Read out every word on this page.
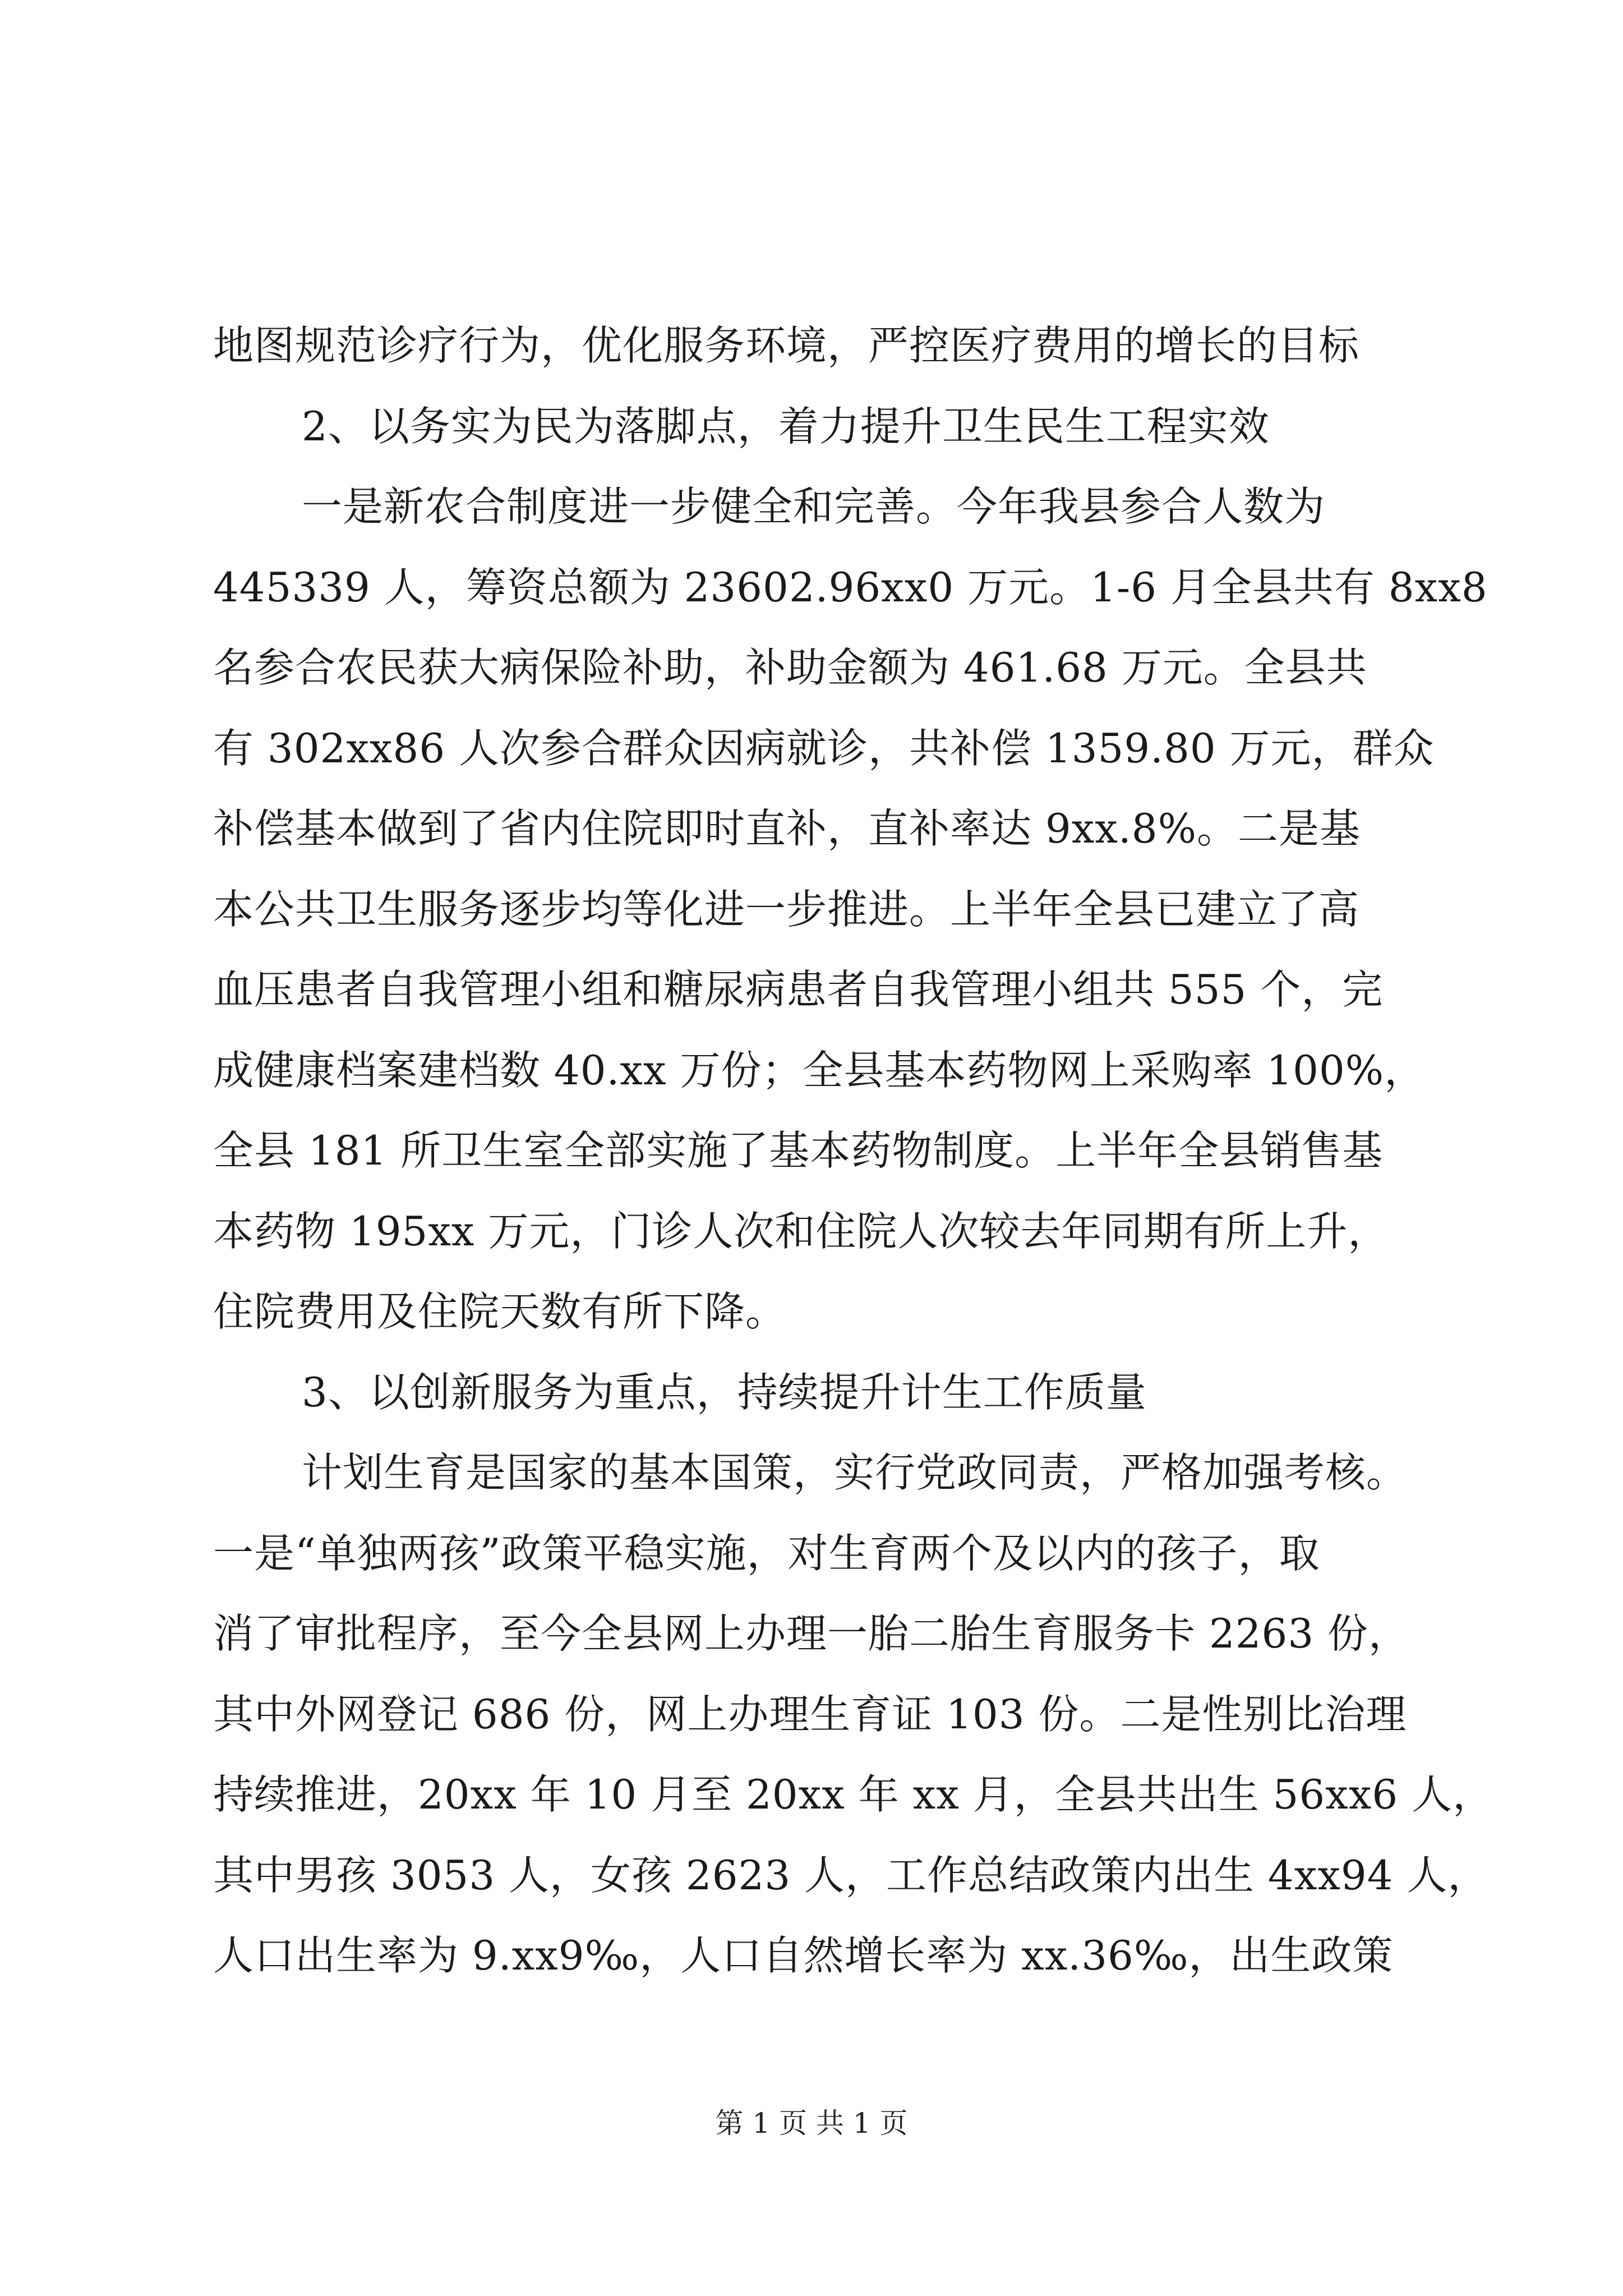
地图规范诊疗行为，优化服务环境，严控医疗费用的增长的目标
2、以务实为民为落脚点，着力提升卫生民生工程实效
一是新农合制度进一步健全和完善。今年我县参合人数为
445339 人，筹资总额为 23602.96xx0 万元。1-6 月全县共有 8xx8
名参合农民获大病保险补助，补助金额为 461.68 万元。全县共
有 302xx86 人次参合群众因病就诊，共补偿 1359.80 万元，群众
补偿基本做到了省内住院即时直补，直补率达 9xx.8%。二是基
本公共卫生服务逐步均等化进一步推进。上半年全县已建立了高
血压患者自我管理小组和糖尿病患者自我管理小组共 555 个，完
成健康档案建档数 40.xx 万份；全县基本药物网上采购率 100%，
全县 181 所卫生室全部实施了基本药物制度。上半年全县销售基
本药物 195xx 万元，门诊人次和住院人次较去年同期有所上升，
住院费用及住院天数有所下降。
3、以创新服务为重点，持续提升计生工作质量
计划生育是国家的基本国策，实行党政同责，严格加强考核。
一是“单独两孩”政策平稳实施，对生育两个及以内的孩子，取
消了审批程序，至今全县网上办理一胎二胎生育服务卡 2263 份，
其中外网登记 686 份，网上办理生育证 103 份。二是性别比治理
持续推进，20xx 年 10 月至 20xx 年 xx 月，全县共出生 56xx6 人，
其中男孩 3053 人，女孩 2623 人，工作总结政策内出生 4xx94 人，
人口出生率为 9.xx9‰，人口自然增长率为 xx.36‰，出生政策
第 1 页 共 1 页
